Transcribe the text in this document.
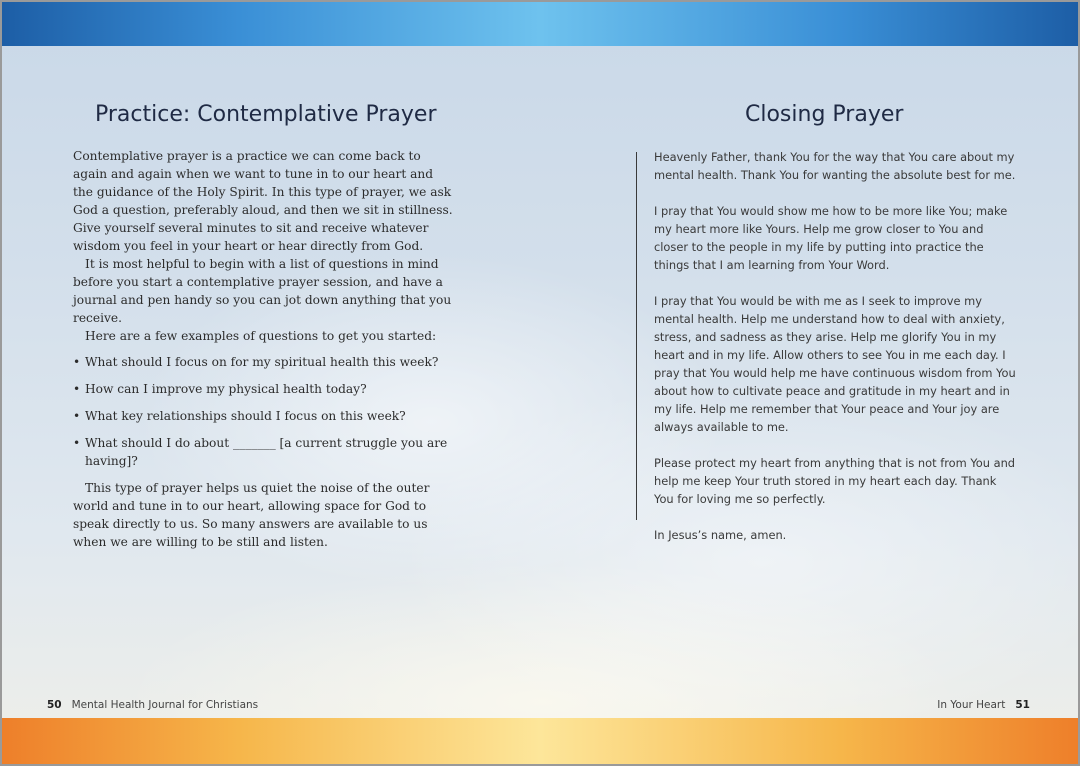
Practice: Contemplative Prayer

Contemplative prayer is a practice we can come back to again and again when we want to tune in to our heart and the guidance of the Holy Spirit. In this type of prayer, we ask God a question, preferably aloud, and then we sit in stillness. Give yourself several minutes to sit and receive whatever wisdom you feel in your heart or hear directly from God.

It is most helpful to begin with a list of questions in mind before you start a contemplative prayer session, and have a journal and pen handy so you can jot down anything that you receive.

Here are a few examples of questions to get you started:

• What should I focus on for my spiritual health this week?
• How can I improve my physical health today?
• What key relationships should I focus on this week?
• What should I do about _______ [a current struggle you are having]?

This type of prayer helps us quiet the noise of the outer world and tune in to our heart, allowing space for God to speak directly to us. So many answers are available to us when we are willing to be still and listen.

Closing Prayer

Heavenly Father, thank You for the way that You care about my mental health. Thank You for wanting the absolute best for me.

I pray that You would show me how to be more like You; make my heart more like Yours. Help me grow closer to You and closer to the people in my life by putting into practice the things that I am learning from Your Word.

I pray that You would be with me as I seek to improve my mental health. Help me understand how to deal with anxiety, stress, and sadness as they arise. Help me glorify You in my heart and in my life. Allow others to see You in me each day. I pray that You would help me have continuous wisdom from You about how to cultivate peace and gratitude in my heart and in my life. Help me remember that Your peace and Your joy are always available to me.

Please protect my heart from anything that is not from You and help me keep Your truth stored in my heart each day. Thank You for loving me so perfectly.

In Jesus’s name, amen.

50 Mental Health Journal for Christians	In Your Heart 51
